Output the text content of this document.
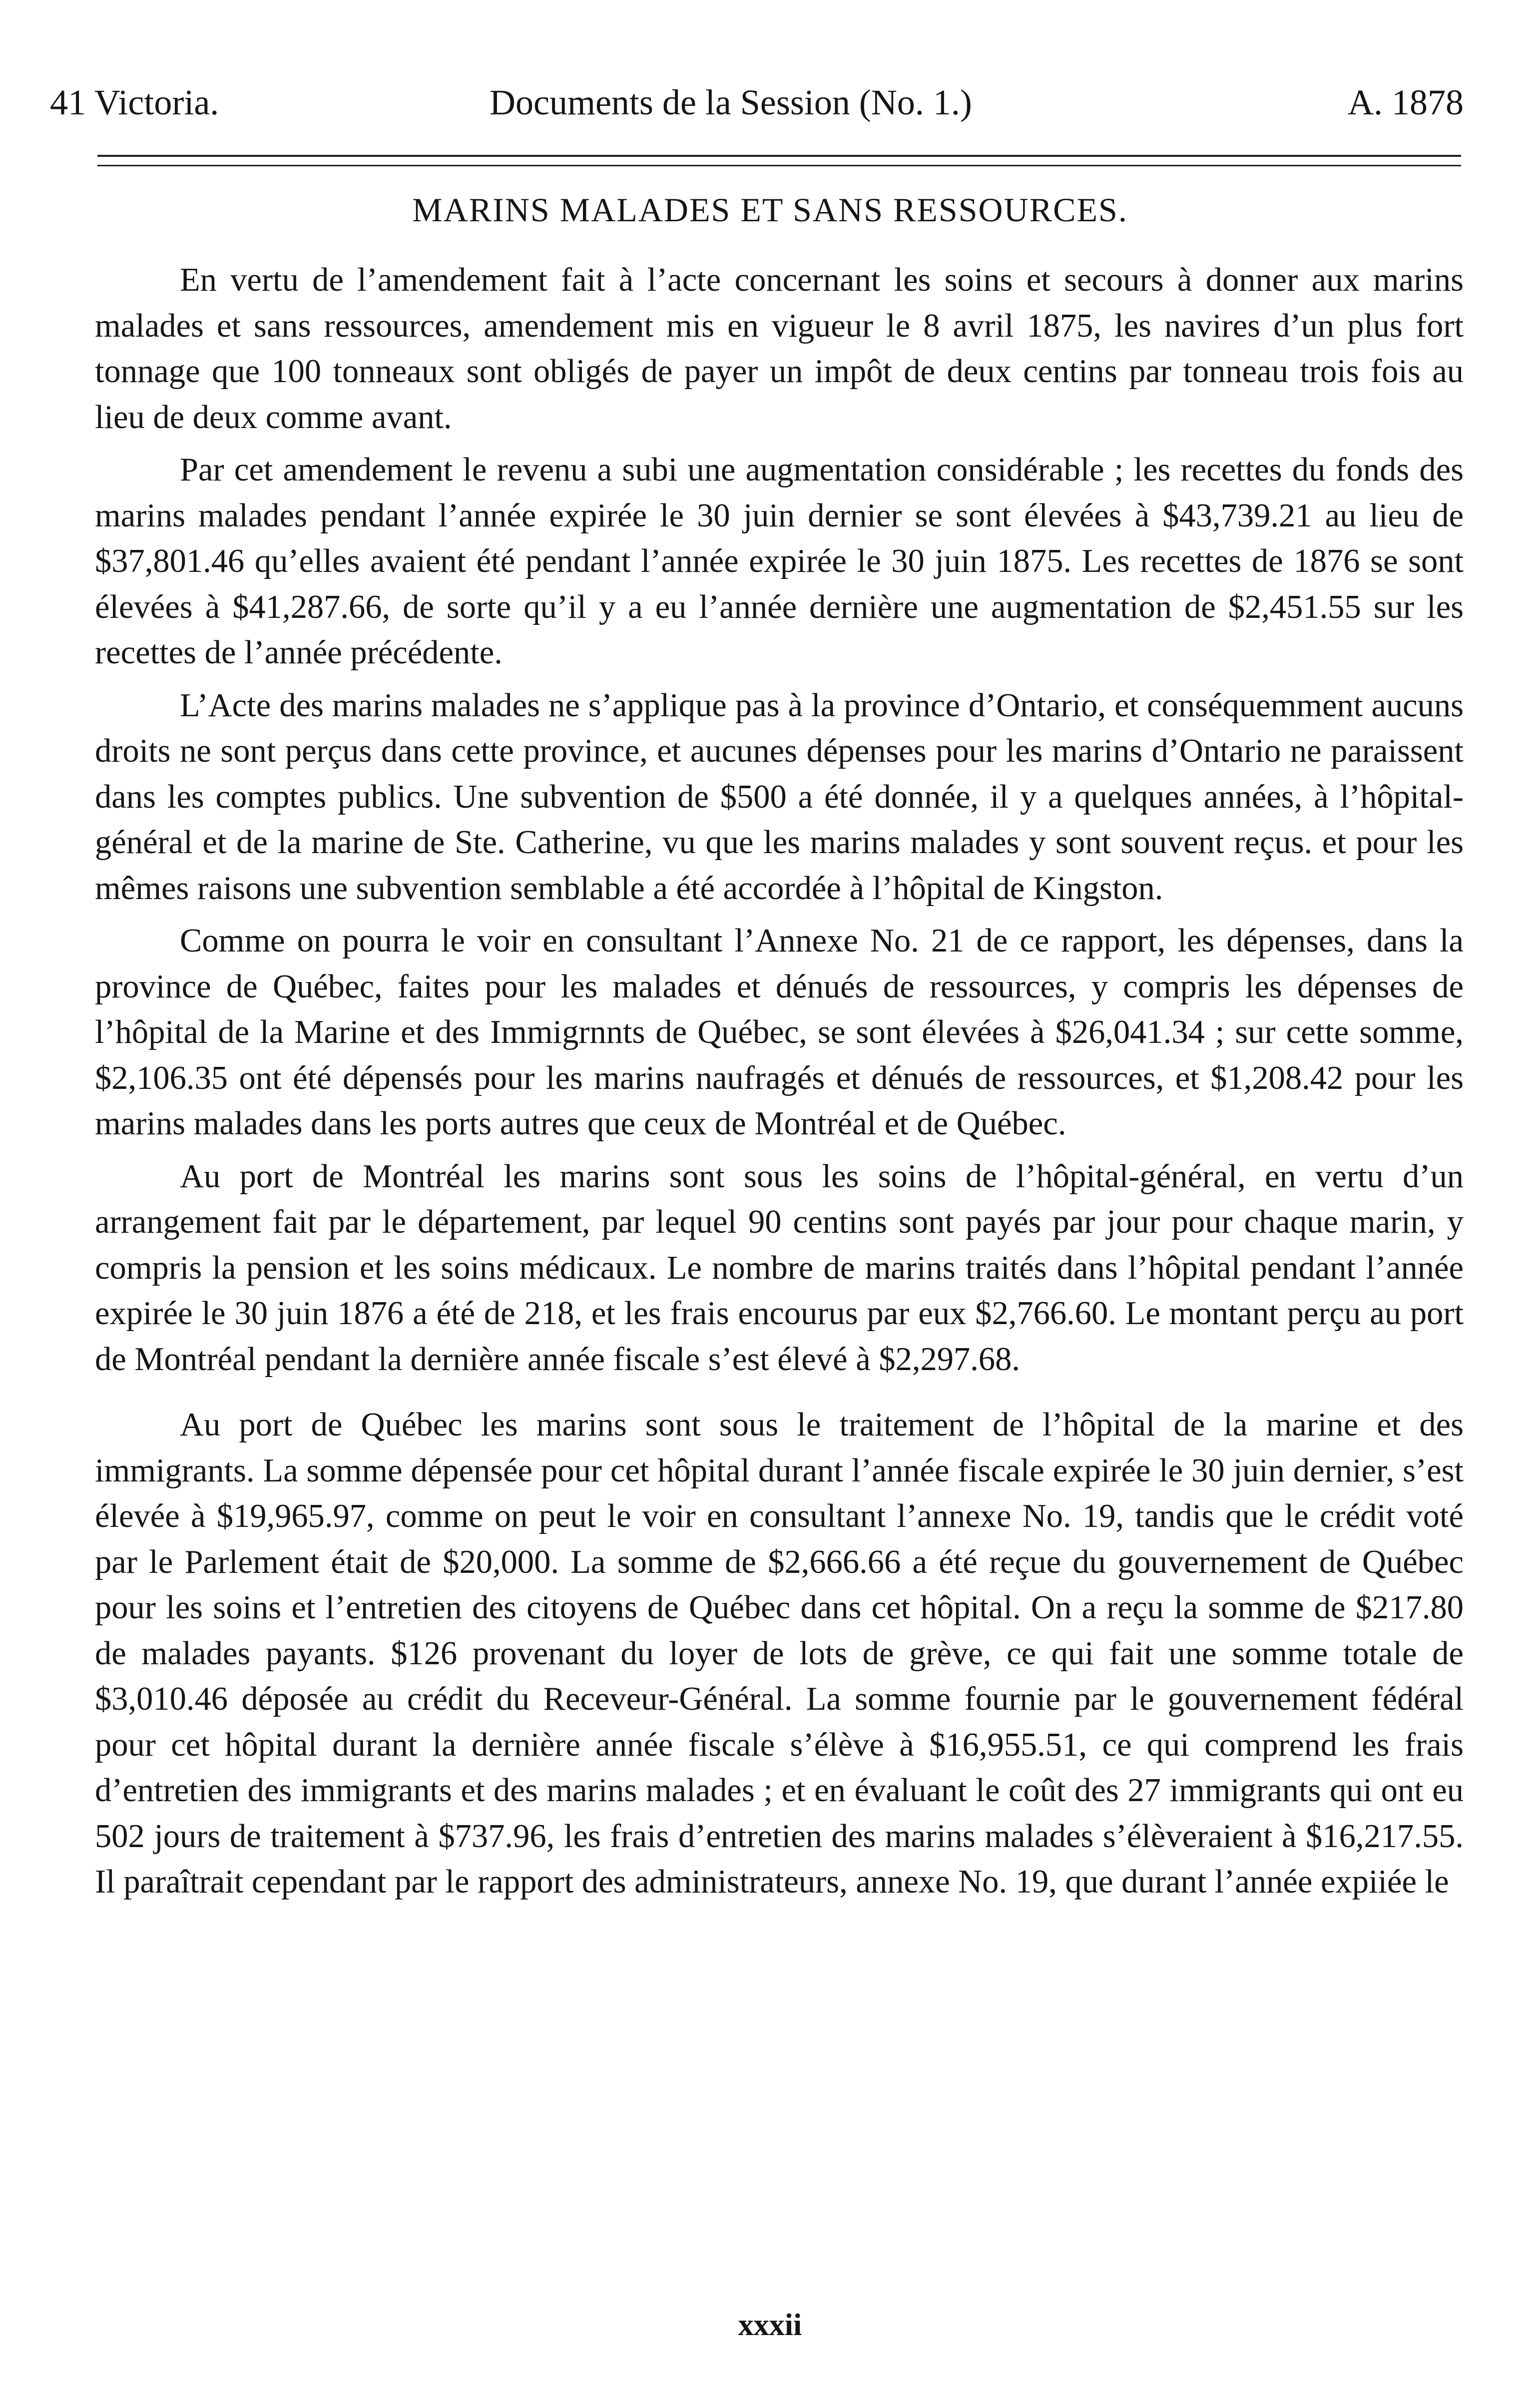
41 Victoria.	Documents de la Session (No. 1.)	A. 1878
MARINS MALADES ET SANS RESSOURCES.

En vertu de l’amendement fait à l’acte concernant les soins et secours à donner aux marins malades et sans ressources, amendement mis en vigueur le 8 avril 1875, les navires d’un plus fort tonnage que 100 tonneaux sont obligés de payer un impôt de deux centins par tonneau trois fois au lieu de deux comme avant.

Par cet amendement le revenu a subi une augmentation considérable ; les recettes du fonds des marins malades pendant l’année expirée le 30 juin dernier se sont élevées à $43,739.21 au lieu de $37,801.46 qu’elles avaient été pendant l’année expirée le 30 juin 1875. Les recettes de 1876 se sont élevées à $41,287.66, de sorte qu’il y a eu l’année dernière une augmentation de $2,451.55 sur les recettes de l’année précédente.

L’Acte des marins malades ne s’applique pas à la province d’Ontario, et conséquemment aucuns droits ne sont perçus dans cette province, et aucunes dépenses pour les marins d’Ontario ne paraissent dans les comptes publics. Une subvention de $500 a été donnée, il y a quelques années, à l’hôpital-général et de la marine de Ste. Catherine, vu que les marins malades y sont souvent reçus. et pour les mêmes raisons une subvention semblable a été accordée à l’hôpital de Kingston.

Comme on pourra le voir en consultant l’Annexe No. 21 de ce rapport, les dépenses, dans la province de Québec, faites pour les malades et dénués de ressources, y compris les dépenses de l’hôpital de la Marine et des Immigrnnts de Québec, se sont élevées à $26,041.34 ; sur cette somme, $2,106.35 ont été dépensés pour les marins naufragés et dénués de ressources, et $1,208.42 pour les marins malades dans les ports autres que ceux de Montréal et de Québec.

Au port de Montréal les marins sont sous les soins de l’hôpital-général, en vertu d’un arrangement fait par le département, par lequel 90 centins sont payés par jour pour chaque marin, y compris la pension et les soins médicaux. Le nombre de marins traités dans l’hôpital pendant l’année expirée le 30 juin 1876 a été de 218, et les frais encourus par eux $2,766.60. Le montant perçu au port de Montréal pendant la dernière année fiscale s’est élevé à $2,297.68.

Au port de Québec les marins sont sous le traitement de l’hôpital de la marine et des immigrants. La somme dépensée pour cet hôpital durant l’année fiscale expirée le 30 juin dernier, s’est élevée à $19,965.97, comme on peut le voir en consultant l’annexe No. 19, tandis que le crédit voté par le Parlement était de $20,000. La somme de $2,666.66 a été reçue du gouvernement de Québec pour les soins et l’entretien des citoyens de Québec dans cet hôpital. On a reçu la somme de $217.80 de malades payants. $126 provenant du loyer de lots de grève, ce qui fait une somme totale de $3,010.46 déposée au crédit du Receveur-Général. La somme fournie par le gouvernement fédéral pour cet hôpital durant la dernière année fiscale s’élève à $16,955.51, ce qui comprend les frais d’entretien des immigrants et des marins malades ; et en évaluant le coût des 27 immigrants qui ont eu 502 jours de traitement à $737.96, les frais d’entretien des marins malades s’élèveraient à $16,217.55. Il paraîtrait cependant par le rapport des administrateurs, annexe No. 19, que durant l’année expiiée le

xxxii
